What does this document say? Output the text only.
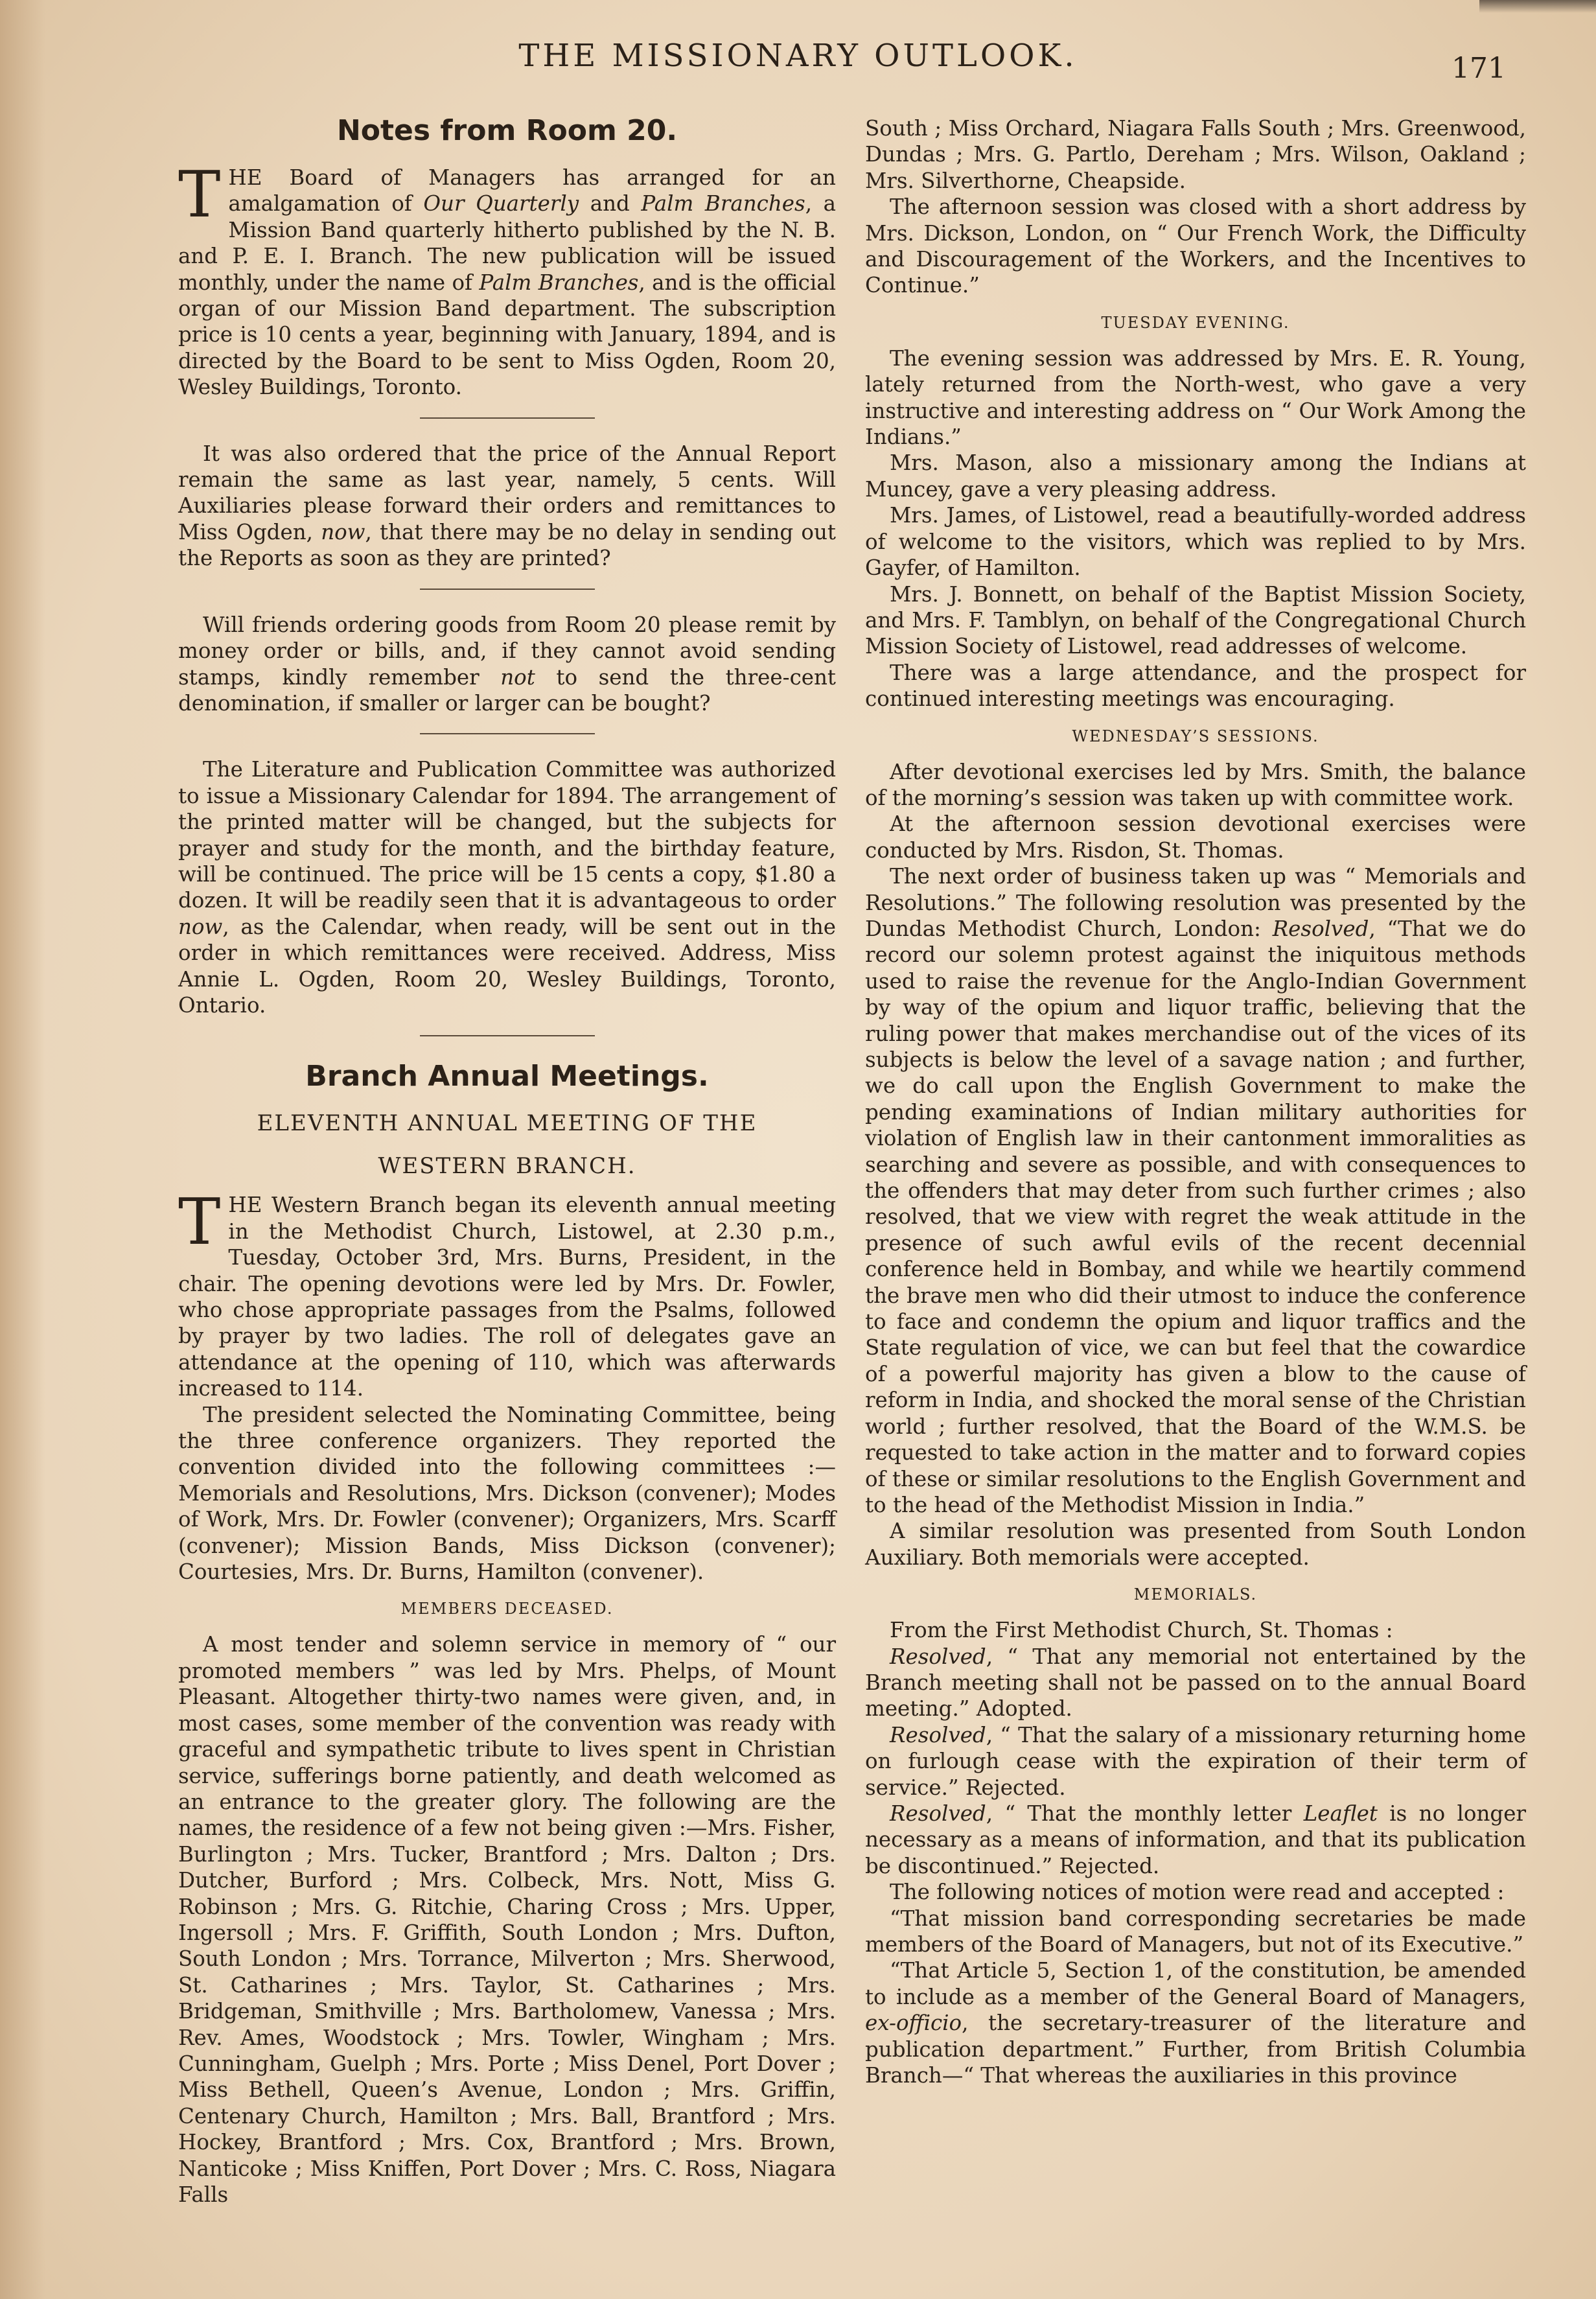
THE MISSIONARY OUTLOOK.	171
Notes from Room 20.

THE Board of Managers has arranged for an amalgamation of Our Quarterly and Palm Branches, a Mission Band quarterly hitherto published by the N. B. and P. E. I. Branch. The new publication will be issued monthly, under the name of Palm Branches, and is the official organ of our Mission Band department. The subscription price is 10 cents a year, beginning with January, 1894, and is directed by the Board to be sent to Miss Ogden, Room 20, Wesley Buildings, Toronto.

It was also ordered that the price of the Annual Report remain the same as last year, namely, 5 cents. Will Auxiliaries please forward their orders and remittances to Miss Ogden, now, that there may be no delay in sending out the Reports as soon as they are printed?

Will friends ordering goods from Room 20 please remit by money order or bills, and, if they cannot avoid sending stamps, kindly remember not to send the three-cent denomination, if smaller or larger can be bought?

The Literature and Publication Committee was authorized to issue a Missionary Calendar for 1894. The arrangement of the printed matter will be changed, but the subjects for prayer and study for the month, and the birthday feature, will be continued. The price will be 15 cents a copy, $1.80 a dozen. It will be readily seen that it is advantageous to order now, as the Calendar, when ready, will be sent out in the order in which remittances were received. Address, Miss Annie L. Ogden, Room 20, Wesley Buildings, Toronto, Ontario.

Branch Annual Meetings.
ELEVENTH ANNUAL MEETING OF THE
WESTERN BRANCH.

THE Western Branch began its eleventh annual meeting in the Methodist Church, Listowel, at 2.30 p.m., Tuesday, October 3rd, Mrs. Burns, President, in the chair. The opening devotions were led by Mrs. Dr. Fowler, who chose appropriate passages from the Psalms, followed by prayer by two ladies. The roll of delegates gave an attendance at the opening of 110, which was afterwards increased to 114.

The president selected the Nominating Committee, being the three conference organizers. They reported the convention divided into the following committees :—Memorials and Resolutions, Mrs. Dickson (convener); Modes of Work, Mrs. Dr. Fowler (convener); Organizers, Mrs. Scarff (convener); Mission Bands, Miss Dickson (convener); Courtesies, Mrs. Dr. Burns, Hamilton (convener).

MEMBERS DECEASED.

A most tender and solemn service in memory of “ our promoted members ” was led by Mrs. Phelps, of Mount Pleasant. Altogether thirty-two names were given, and, in most cases, some member of the convention was ready with graceful and sympathetic tribute to lives spent in Christian service, sufferings borne patiently, and death welcomed as an entrance to the greater glory. The following are the names, the residence of a few not being given :—Mrs. Fisher, Burlington ; Mrs. Tucker, Brantford ; Mrs. Dalton ; Drs. Dutcher, Burford ; Mrs. Colbeck, Mrs. Nott, Miss G. Robinson ; Mrs. G. Ritchie, Charing Cross ; Mrs. Upper, Ingersoll ; Mrs. F. Griffith, South London ; Mrs. Dufton, South London ; Mrs. Torrance, Milverton ; Mrs. Sherwood, St. Catharines ; Mrs. Taylor, St. Catharines ; Mrs. Bridgeman, Smithville ; Mrs. Bartholomew, Vanessa ; Mrs. Rev. Ames, Woodstock ; Mrs. Towler, Wingham ; Mrs. Cunningham, Guelph ; Mrs. Porte ; Miss Denel, Port Dover ; Miss Bethell, Queen’s Avenue, London ; Mrs. Griffin, Centenary Church, Hamilton ; Mrs. Ball, Brantford ; Mrs. Hockey, Brantford ; Mrs. Cox, Brantford ; Mrs. Brown, Nanticoke ; Miss Kniffen, Port Dover ; Mrs. C. Ross, Niagara Falls

South ; Miss Orchard, Niagara Falls South ; Mrs. Greenwood, Dundas ; Mrs. G. Partlo, Dereham ; Mrs. Wilson, Oakland ; Mrs. Silverthorne, Cheapside.

The afternoon session was closed with a short address by Mrs. Dickson, London, on “ Our French Work, the Difficulty and Discouragement of the Workers, and the Incentives to Continue.”

TUESDAY EVENING.

The evening session was addressed by Mrs. E. R. Young, lately returned from the North-west, who gave a very instructive and interesting address on “ Our Work Among the Indians.”

Mrs. Mason, also a missionary among the Indians at Muncey, gave a very pleasing address.

Mrs. James, of Listowel, read a beautifully-worded address of welcome to the visitors, which was replied to by Mrs. Gayfer, of Hamilton.

Mrs. J. Bonnett, on behalf of the Baptist Mission Society, and Mrs. F. Tamblyn, on behalf of the Congregational Church Mission Society of Listowel, read addresses of welcome.

There was a large attendance, and the prospect for continued interesting meetings was encouraging.

WEDNESDAY’S SESSIONS.

After devotional exercises led by Mrs. Smith, the balance of the morning’s session was taken up with committee work.

At the afternoon session devotional exercises were conducted by Mrs. Risdon, St. Thomas.

The next order of business taken up was “ Memorials and Resolutions.” The following resolution was presented by the Dundas Methodist Church, London: Resolved, “That we do record our solemn protest against the iniquitous methods used to raise the revenue for the Anglo-Indian Government by way of the opium and liquor traffic, believing that the ruling power that makes merchandise out of the vices of its subjects is below the level of a savage nation ; and further, we do call upon the English Government to make the pending examinations of Indian military authorities for violation of English law in their cantonment immoralities as searching and severe as possible, and with consequences to the offenders that may deter from such further crimes ; also resolved, that we view with regret the weak attitude in the presence of such awful evils of the recent decennial conference held in Bombay, and while we heartily commend the brave men who did their utmost to induce the conference to face and condemn the opium and liquor traffics and the State regulation of vice, we can but feel that the cowardice of a powerful majority has given a blow to the cause of reform in India, and shocked the moral sense of the Christian world ; further resolved, that the Board of the W.M.S. be requested to take action in the matter and to forward copies of these or similar resolutions to the English Government and to the head of the Methodist Mission in India.”

A similar resolution was presented from South London Auxiliary. Both memorials were accepted.

MEMORIALS.

From the First Methodist Church, St. Thomas :

Resolved, “ That any memorial not entertained by the Branch meeting shall not be passed on to the annual Board meeting.” Adopted.

Resolved, “ That the salary of a missionary returning home on furlough cease with the expiration of their term of service.” Rejected.

Resolved, “ That the monthly letter Leaflet is no longer necessary as a means of information, and that its publication be discontinued.” Rejected.

The following notices of motion were read and accepted :

“That mission band corresponding secretaries be made members of the Board of Managers, but not of its Executive.”

“That Article 5, Section 1, of the constitution, be amended to include as a member of the General Board of Managers, ex-officio, the secretary-treasurer of the literature and publication department.” Further, from British Columbia Branch—“ That whereas the auxiliaries in this province
